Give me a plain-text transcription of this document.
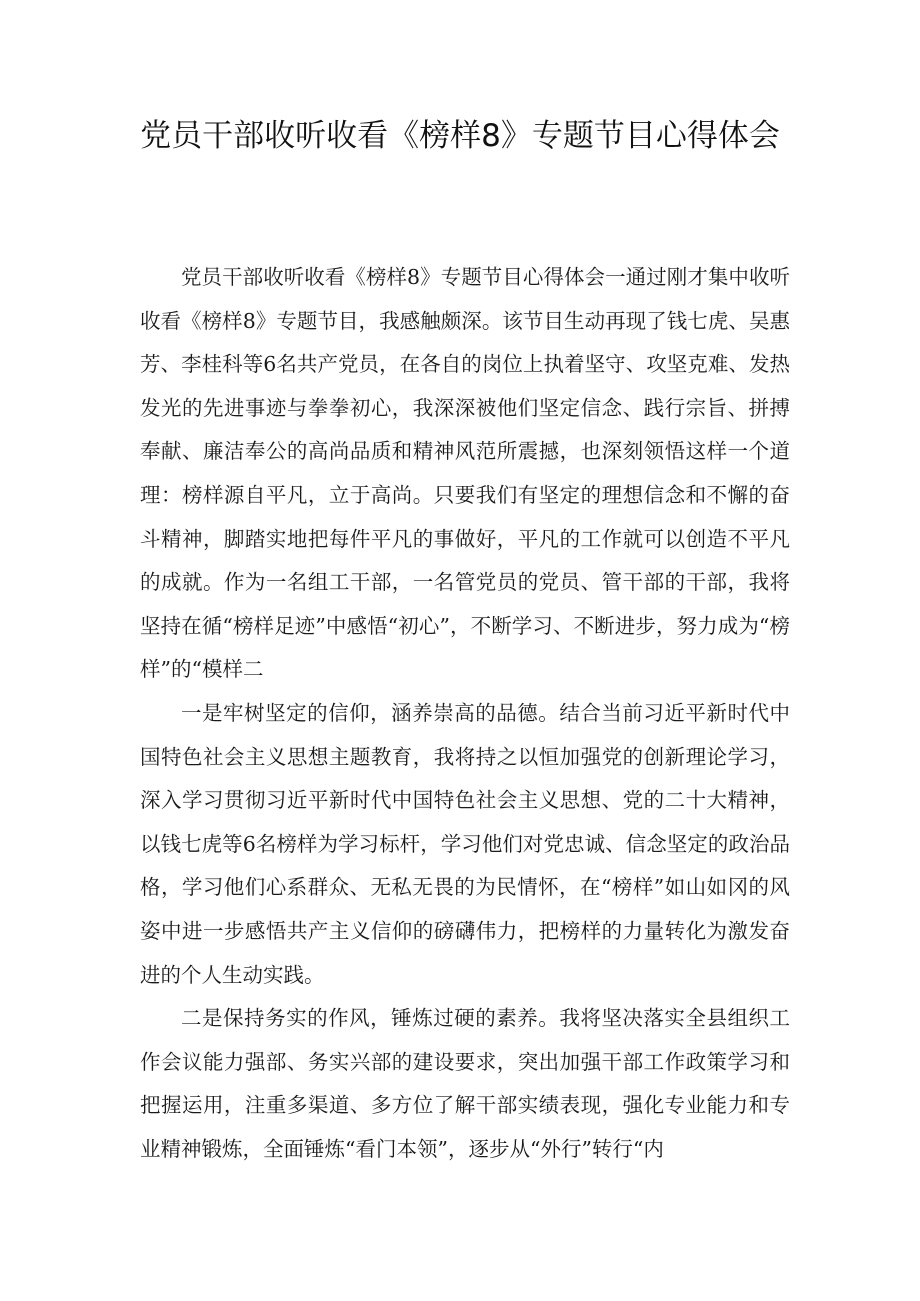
党员干部收听收看《榜样8》专题节目心得体会

党员干部收听收看《榜样8》专题节目心得体会一通过刚才集中收听收看《榜样8》专题节目，我感触颇深。该节目生动再现了钱七虎、吴惠芳、李桂科等6名共产党员，在各自的岗位上执着坚守、攻坚克难、发热发光的先进事迹与拳拳初心，我深深被他们坚定信念、践行宗旨、拼搏奉献、廉洁奉公的高尚品质和精神风范所震撼，也深刻领悟这样一个道理：榜样源自平凡，立于高尚。只要我们有坚定的理想信念和不懈的奋斗精神，脚踏实地把每件平凡的事做好，平凡的工作就可以创造不平凡的成就。作为一名组工干部，一名管党员的党员、管干部的干部，我将坚持在循“榜样足迹”中感悟“初心”，不断学习、不断进步，努力成为“榜样”的“模样二

一是牢树坚定的信仰，涵养崇高的品德。结合当前习近平新时代中国特色社会主义思想主题教育，我将持之以恒加强党的创新理论学习，深入学习贯彻习近平新时代中国特色社会主义思想、党的二十大精神，以钱七虎等6名榜样为学习标杆，学习他们对党忠诚、信念坚定的政治品格，学习他们心系群众、无私无畏的为民情怀，在“榜样”如山如冈的风姿中进一步感悟共产主义信仰的磅礴伟力，把榜样的力量转化为激发奋进的个人生动实践。

二是保持务实的作风，锤炼过硬的素养。我将坚决落实全县组织工作会议能力强部、务实兴部的建设要求，突出加强干部工作政策学习和把握运用，注重多渠道、多方位了解干部实绩表现，强化专业能力和专业精神锻炼，全面锤炼“看门本领”，逐步从“外行”转行“内
